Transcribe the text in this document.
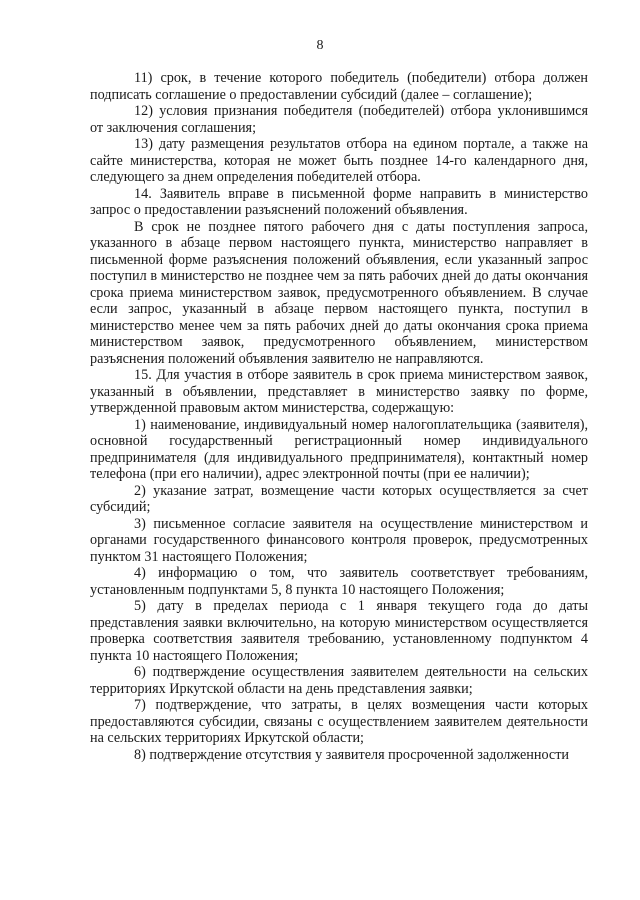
8

11) срок, в течение которого победитель (победители) отбора должен подписать соглашение о предоставлении субсидий (далее – соглашение);

12) условия признания победителя (победителей) отбора уклонившимся от заключения соглашения;

13) дату размещения результатов отбора на едином портале, а также на сайте министерства, которая не может быть позднее 14-го календарного дня, следующего за днем определения победителей отбора.

14. Заявитель вправе в письменной форме направить в министерство запрос о предоставлении разъяснений положений объявления.

В срок не позднее пятого рабочего дня с даты поступления запроса, указанного в абзаце первом настоящего пункта, министерство направляет в письменной форме разъяснения положений объявления, если указанный запрос поступил в министерство не позднее чем за пять рабочих дней до даты окончания срока приема министерством заявок, предусмотренного объявлением. В случае если запрос, указанный в абзаце первом настоящего пункта, поступил в министерство менее чем за пять рабочих дней до даты окончания срока приема министерством заявок, предусмотренного объявлением, министерством разъяснения положений объявления заявителю не направляются.

15. Для участия в отборе заявитель в срок приема министерством заявок, указанный в объявлении, представляет в министерство заявку по форме, утвержденной правовым актом министерства, содержащую:

1) наименование, индивидуальный номер налогоплательщика (заявителя), основной государственный регистрационный номер индивидуального предпринимателя (для индивидуального предпринимателя), контактный номер телефона (при его наличии), адрес электронной почты (при ее наличии);

2) указание затрат, возмещение части которых осуществляется за счет субсидий;

3) письменное согласие заявителя на осуществление министерством и органами государственного финансового контроля проверок, предусмотренных пунктом 31 настоящего Положения;

4) информацию о том, что заявитель соответствует требованиям, установленным подпунктами 5, 8 пункта 10 настоящего Положения;

5) дату в пределах периода с 1 января текущего года до даты представления заявки включительно, на которую министерством осуществляется проверка соответствия заявителя требованию, установленному подпунктом 4 пункта 10 настоящего Положения;

6) подтверждение осуществления заявителем деятельности на сельских территориях Иркутской области на день представления заявки;

7) подтверждение, что затраты, в целях возмещения части которых предоставляются субсидии, связаны с осуществлением заявителем деятельности на сельских территориях Иркутской области;

8) подтверждение отсутствия у заявителя просроченной задолженности
